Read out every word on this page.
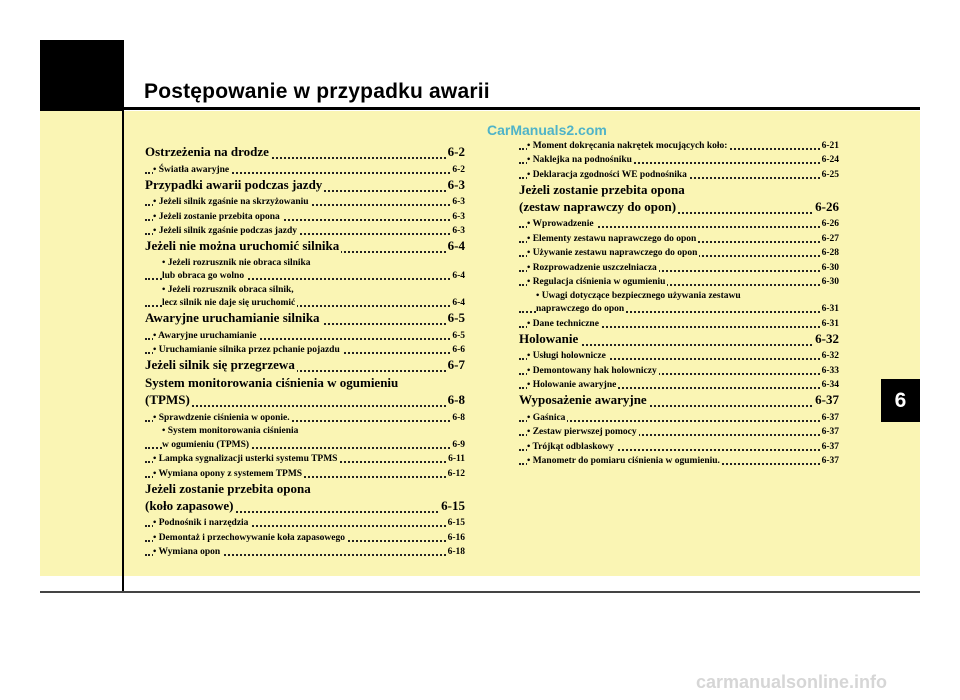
Postępowanie w przypadku awarii
Ostrzeżenia na drodze	6-2
• Światła awaryjne	6-2
Przypadki awarii podczas jazdy	6-3
• Jeżeli silnik zgaśnie na skrzyżowaniu	6-3
• Jeżeli zostanie przebita opona	6-3
• Jeżeli silnik zgaśnie podczas jazdy	6-3
Jeżeli nie można uruchomić silnika	6-4
• Jeżeli rozrusznik nie obraca silnika
lub obraca go wolno	6-4
• Jeżeli rozrusznik obraca silnik,
lecz silnik nie daje się uruchomić	6-4
Awaryjne uruchamianie silnika	6-5
• Awaryjne uruchamianie	6-5
• Uruchamianie silnika przez pchanie pojazdu	6-6
Jeżeli silnik się przegrzewa	6-7
System monitorowania ciśnienia w ogumieniu
(TPMS)	6-8
• Sprawdzenie ciśnienia w oponie.	6-8
• System monitorowania ciśnienia
w ogumieniu (TPMS)	6-9
• Lampka sygnalizacji usterki systemu TPMS	6-11
• Wymiana opony z systemem TPMS	6-12
Jeżeli zostanie przebita opona
(koło zapasowe)	6-15
• Podnośnik i narzędzia	6-15
• Demontaż i przechowywanie koła zapasowego	6-16
• Wymiana opon	6-18
• Moment dokręcania nakrętek mocujących koło:	6-21
• Naklejka na podnośniku	6-24
• Deklaracja zgodności WE podnośnika	6-25
Jeżeli zostanie przebita opona
(zestaw naprawczy do opon)	6-26
• Wprowadzenie	6-26
• Elementy zestawu naprawczego do opon	6-27
• Używanie zestawu naprawczego do opon	6-28
• Rozprowadzenie uszczelniacza	6-30
• Regulacja ciśnienia w ogumieniu	6-30
• Uwagi dotyczące bezpiecznego używania zestawu
naprawczego do opon	6-31
• Dane techniczne	6-31
Holowanie	6-32
• Usługi holownicze	6-32
• Demontowany hak holowniczy	6-33
• Holowanie awaryjne	6-34
Wyposażenie awaryjne	6-37
• Gaśnica	6-37
• Zestaw pierwszej pomocy	6-37
• Trójkąt odblaskowy	6-37
• Manometr do pomiaru ciśnienia w ogumieniu.	6-37
CarManuals2.com
6
carmanualsonline.info
